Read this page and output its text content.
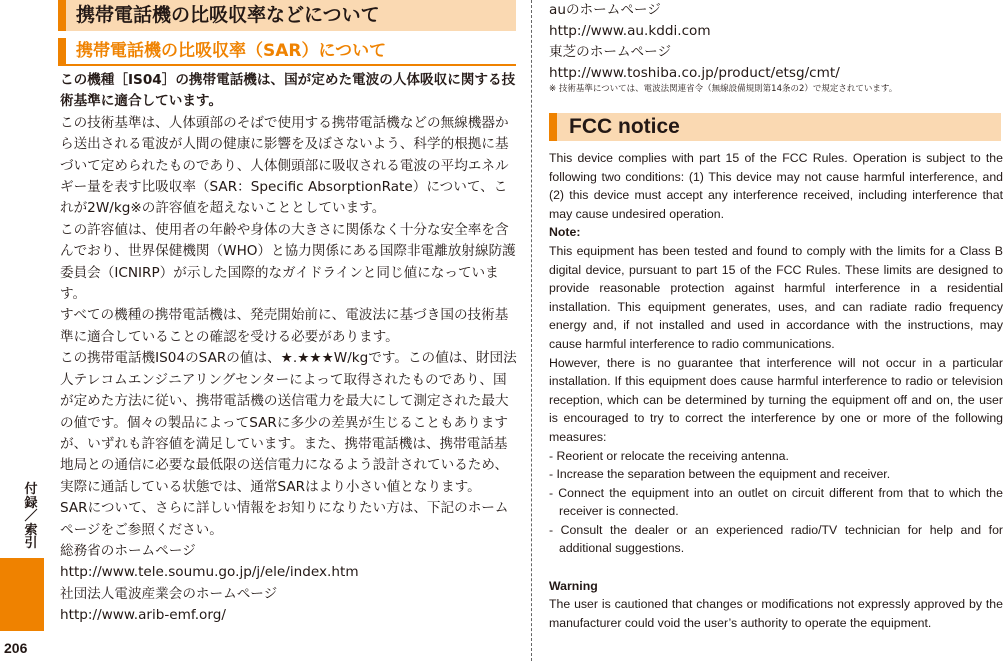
付録／索引
206
携帯電話機の比吸収率などについて
携帯電話機の比吸収率（SAR）について

この機種［IS04］の携帯電話機は、国が定めた電波の人体吸収に関する技術基準に適合しています。

この技術基準は、人体頭部のそばで使用する携帯電話機などの無線機器から送出される電波が人間の健康に影響を及ぼさないよう、科学的根拠に基づいて定められたものであり、人体側頭部に吸収される電波の平均エネルギー量を表す比吸収率（SAR：Specific AbsorptionRate）について、これが2W/kg※の許容値を超えないこととしています。

この許容値は、使用者の年齢や身体の大きさに関係なく十分な安全率を含んでおり、世界保健機関（WHO）と協力関係にある国際非電離放射線防護委員会（ICNIRP）が示した国際的なガイドラインと同じ値になっています。

すべての機種の携帯電話機は、発売開始前に、電波法に基づき国の技術基準に適合していることの確認を受ける必要があります。

この携帯電話機IS04のSARの値は、★.★★★W/kgです。この値は、財団法人テレコムエンジニアリングセンターによって取得されたものであり、国が定めた方法に従い、携帯電話機の送信電力を最大にして測定された最大の値です。個々の製品によってSARに多少の差異が生じることもありますが、いずれも許容値を満足しています。また、携帯電話機は、携帯電話基地局との通信に必要な最低限の送信電力になるよう設計されているため、実際に通話している状態では、通常SARはより小さい値となります。

SARについて、さらに詳しい情報をお知りになりたい方は、下記のホームページをご参照ください。

総務省のホームページ

http://www.tele.soumu.go.jp/j/ele/index.htm

社団法人電波産業会のホームページ

http://www.arib-emf.org/

auのホームページ

http://www.au.kddi.com

東芝のホームページ

http://www.toshiba.co.jp/product/etsg/cmt/

※ 技術基準については、電波法関連省令（無線設備規則第14条の2）で規定されています。
FCC notice

This device complies with part 15 of the FCC Rules. Operation is subject to the following two conditions: (1) This device may not cause harmful interference, and (2) this device must accept any interference received, including interference that may cause undesired operation.

Note:

This equipment has been tested and found to comply with the limits for a Class B digital device, pursuant to part 15 of the FCC Rules. These limits are designed to provide reasonable protection against harmful interference in a residential installation. This equipment generates, uses, and can radiate radio frequency energy and, if not installed and used in accordance with the instructions, may cause harmful interference to radio communications.

However, there is no guarantee that interference will not occur in a particular installation. If this equipment does cause harmful interference to radio or television reception, which can be determined by turning the equipment off and on, the user is encouraged to try to correct the interference by one or more of the following measures:

- Reorient or relocate the receiving antenna.
- Increase the separation between the equipment and receiver.
- Connect the equipment into an outlet on circuit different from that to which the receiver is connected.
- Consult the dealer or an experienced radio/TV technician for help and for additional suggestions.

Warning

The user is cautioned that changes or modifications not expressly approved by the manufacturer could void the user’s authority to operate the equipment.
